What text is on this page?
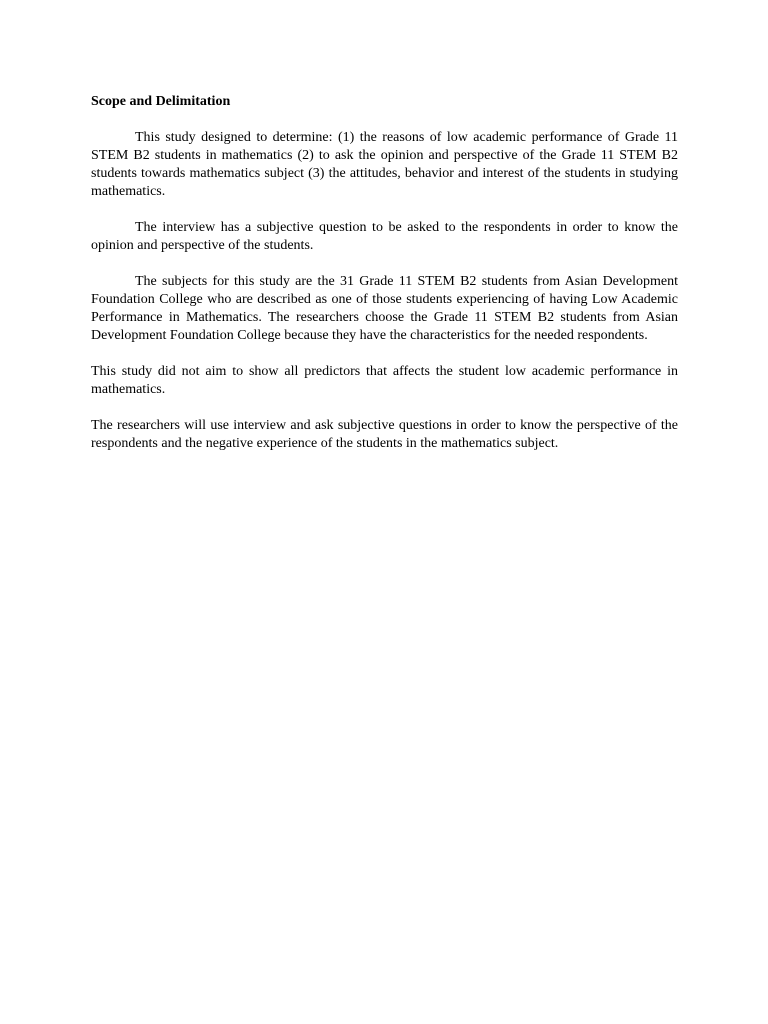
Scope and Delimitation

This study designed to determine: (1) the reasons of low academic performance of Grade 11 STEM B2 students in mathematics (2) to ask the opinion and perspective of the Grade 11 STEM B2 students towards mathematics subject (3) the attitudes, behavior and interest of the students in studying mathematics.

The interview has a subjective question to be asked to the respondents in order to know the opinion and perspective of the students.

The subjects for this study are the 31 Grade 11 STEM B2 students from Asian Development Foundation College who are described as one of those students experiencing of having Low Academic Performance in Mathematics. The researchers choose the Grade 11 STEM B2 students from Asian Development Foundation College because they have the characteristics for the needed respondents.

This study did not aim to show all predictors that affects the student low academic performance in mathematics.

The researchers will use interview and ask subjective questions in order to know the perspective of the respondents and the negative experience of the students in the mathematics subject.
